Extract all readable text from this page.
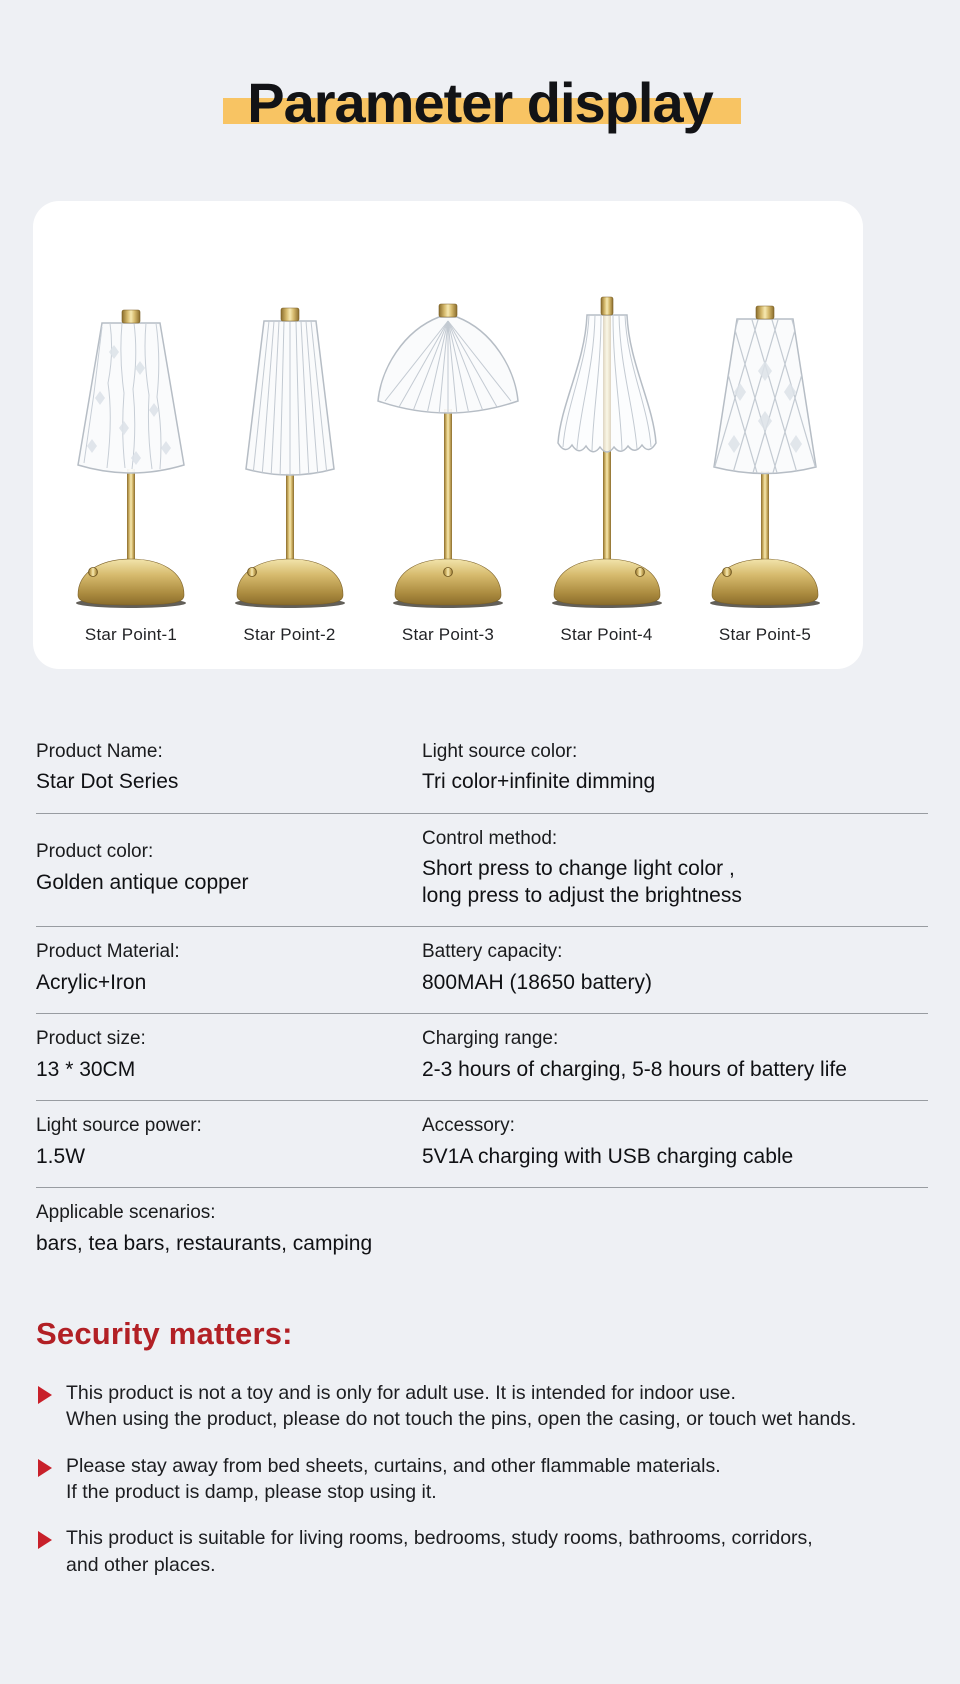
Parameter display
Star Point-1	Star Point-2	Star Point-3	Star Point-4	Star Point-5
Product Name:
Star Dot Series
Light source color:
Tri color+infinite dimming
Product color:
Golden antique copper
Control method:
Short press to change light color ,
long press to adjust the brightness
Product Material:
Acrylic+Iron
Battery capacity:
800MAH (18650 battery)
Product size:
13 * 30CM
Charging range:
2-3 hours of charging, 5-8 hours of battery life
Light source power:
1.5W
Accessory:
5V1A charging with USB charging cable
Applicable scenarios:
bars, tea bars, restaurants, camping
Security matters:
This product is not a toy and is only for adult use. It is intended for indoor use.
When using the product, please do not touch the pins, open the casing, or touch wet hands.
Please stay away from bed sheets, curtains, and other flammable materials.
If the product is damp, please stop using it.
This product is suitable for living rooms, bedrooms, study rooms, bathrooms, corridors,
and other places.
